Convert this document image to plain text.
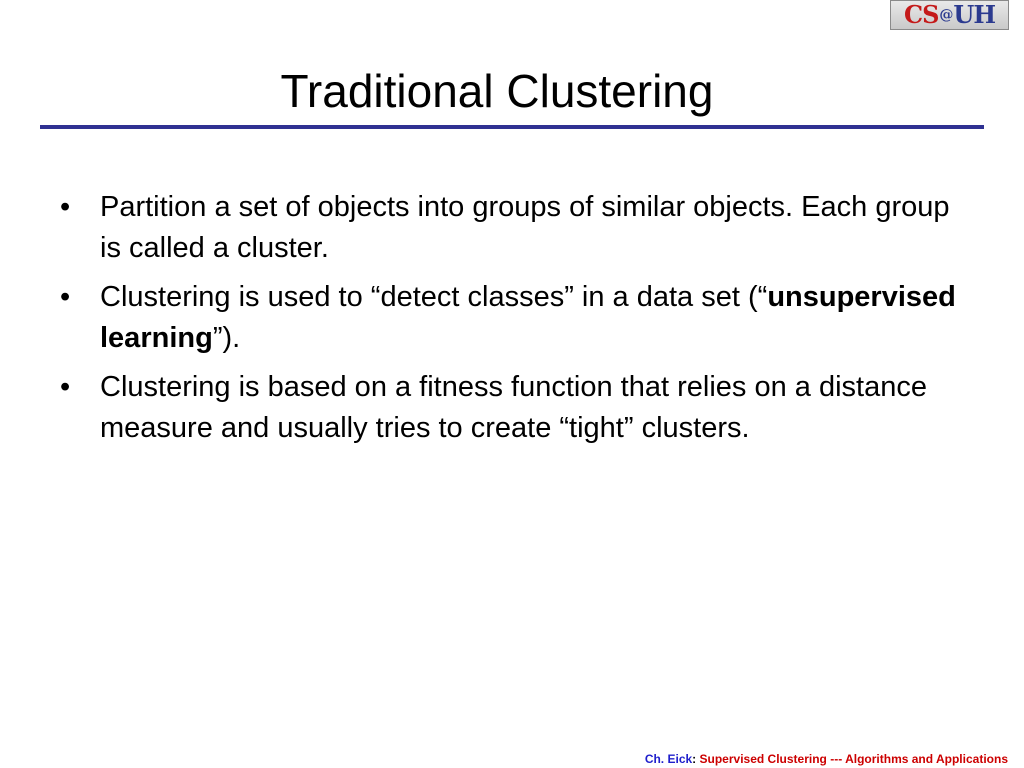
CS @ UH
Traditional Clustering
•	Partition a set of objects into groups of similar objects. Each group is called a cluster.
•	Clustering is used to “detect classes” in a data set (“unsupervised learning”).
•	Clustering is based on a fitness function that relies on a distance measure and usually tries to create “tight” clusters.
Ch. Eick: Supervised Clustering --- Algorithms and Applications
